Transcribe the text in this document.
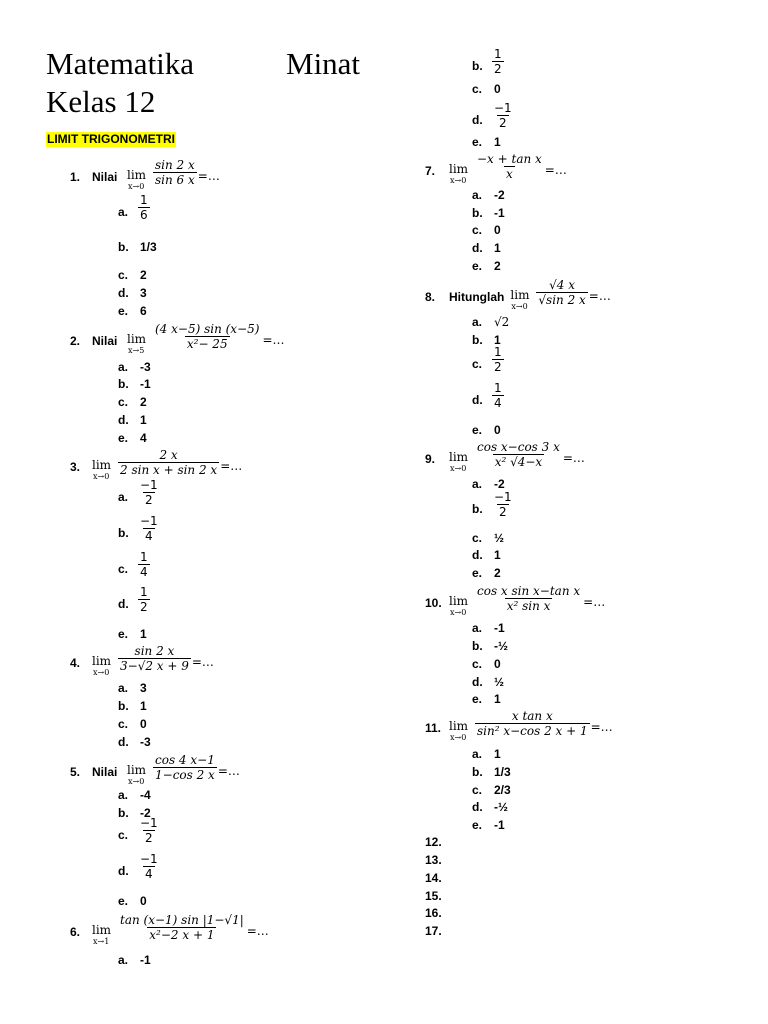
Matematika	Minat
Kelas 12
LIMIT TRIGONOMETRI
1. Nilai lim
$x\to 0 \frac{\sin 2 x}{\sin 6 x}$ =…
a. $\frac{1}{6}$
b. 1/3
c. 2
d. 3
e. 6
2. Nilai lim
$x\to 5 \frac{(4 x-5) \sin (x-5)}{\text{x²− 25}}$ =…
a. -3
b. -1
c. 2
d. 1
e. 4
3. lim
$x\to 0 \frac{2 x}{\text{2 sin x + sin 2 x}}$ =…
a. $\frac{-1}{2}$
b. $\frac{-1}{4}$
c. $\frac{1}{4}$
d. $\frac{1}{2}$
e. 1
4. lim
$x\to 0 \frac{\sin 2 x}{3-√2 x + 9}$ =…
a. 3
b. 1
c. 0
d. -3
5. Nilai lim
$x\to 0 \frac{\cos 4 x-1}{1-\cos 2 x}$ =…
a. -4
b. -2
c. $\frac{-1}{2}$
d. $\frac{-1}{4}$
e. 0
6. lim
$x\to 1 \frac{\tan (x-1) \sin |1-√1|}{\text{x²−2 x + 1}}$ =…
a. -1
7. lim
$x\to 0 \frac{\text{−x + tan x}}{x}$ =…
a. -2
b. -1
c. 0
d. 1
e. 2
8. Hitunglah lim
$x\to 0 \frac{√4 x}{√\sin 2 x}$ =…
a. √2
b. 1
c. $\frac{1}{2}$
d. $\frac{1}{4}$
e. 0
9. lim
$x\to 0 \frac{\text{cos x−cos 3 x}}{\text{x² √4−x}}$ =…
a. -2
b. $\frac{-1}{2}$
c. ½
d. 1
e. 2
10. lim
$x\to 0 \frac{\text{cos x sin x−tan x}}{\text{x² sin x}}$ =…
a. -1
b. -½
c. 0
d. ½
e. 1
11. lim
$x\to 0 \frac{\text{x tan x}}{\text{sin² x−cos 2 x + 1}}$ =…
a. 1
b. 1/3
c. 2/3
d. -½
e. -1
b. $\frac{1}{2}$
c. 0
d. $\frac{-1}{2}$
e. 1
12.
13.
14.
15.
16.
17.
